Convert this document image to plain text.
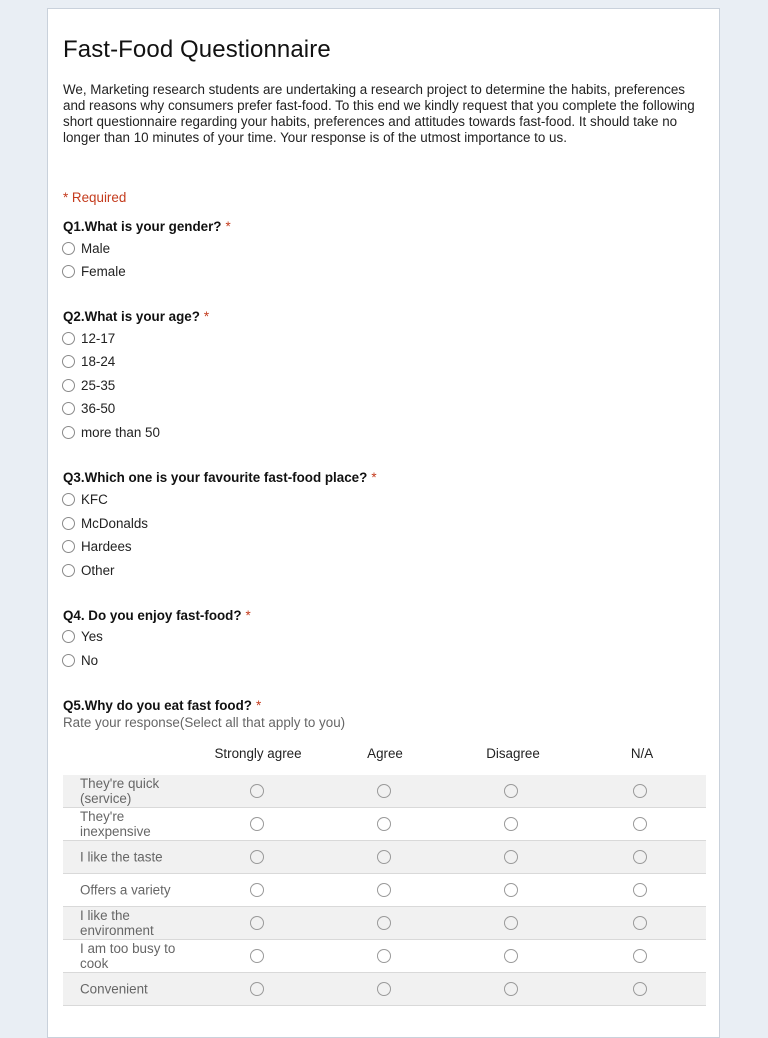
Fast-Food Questionnaire

We, Marketing research students are undertaking a research project to determine the habits, preferences and reasons why consumers prefer fast-food. To this end we kindly request that you complete the following short questionnaire regarding your habits, preferences and attitudes towards fast-food. It should take no longer than 10 minutes of your time. Your response is of the utmost importance to us.

* Required
Q1.What is your gender? *
Male
Female
Q2.What is your age? *
12-17
18-24
25-35
36-50
more than 50
Q3.Which one is your favourite fast-food place? *
KFC
McDonalds
Hardees
Other
Q4. Do you enjoy fast-food? *
Yes
No
Q5.Why do you eat fast food? *
Rate your response(Select all that apply to you)
Strongly agree	Agree	Disagree	N/A
They're quick (service)
They're inexpensive
I like the taste
Offers a variety
I like the environment
I am too busy to cook
Convenient
